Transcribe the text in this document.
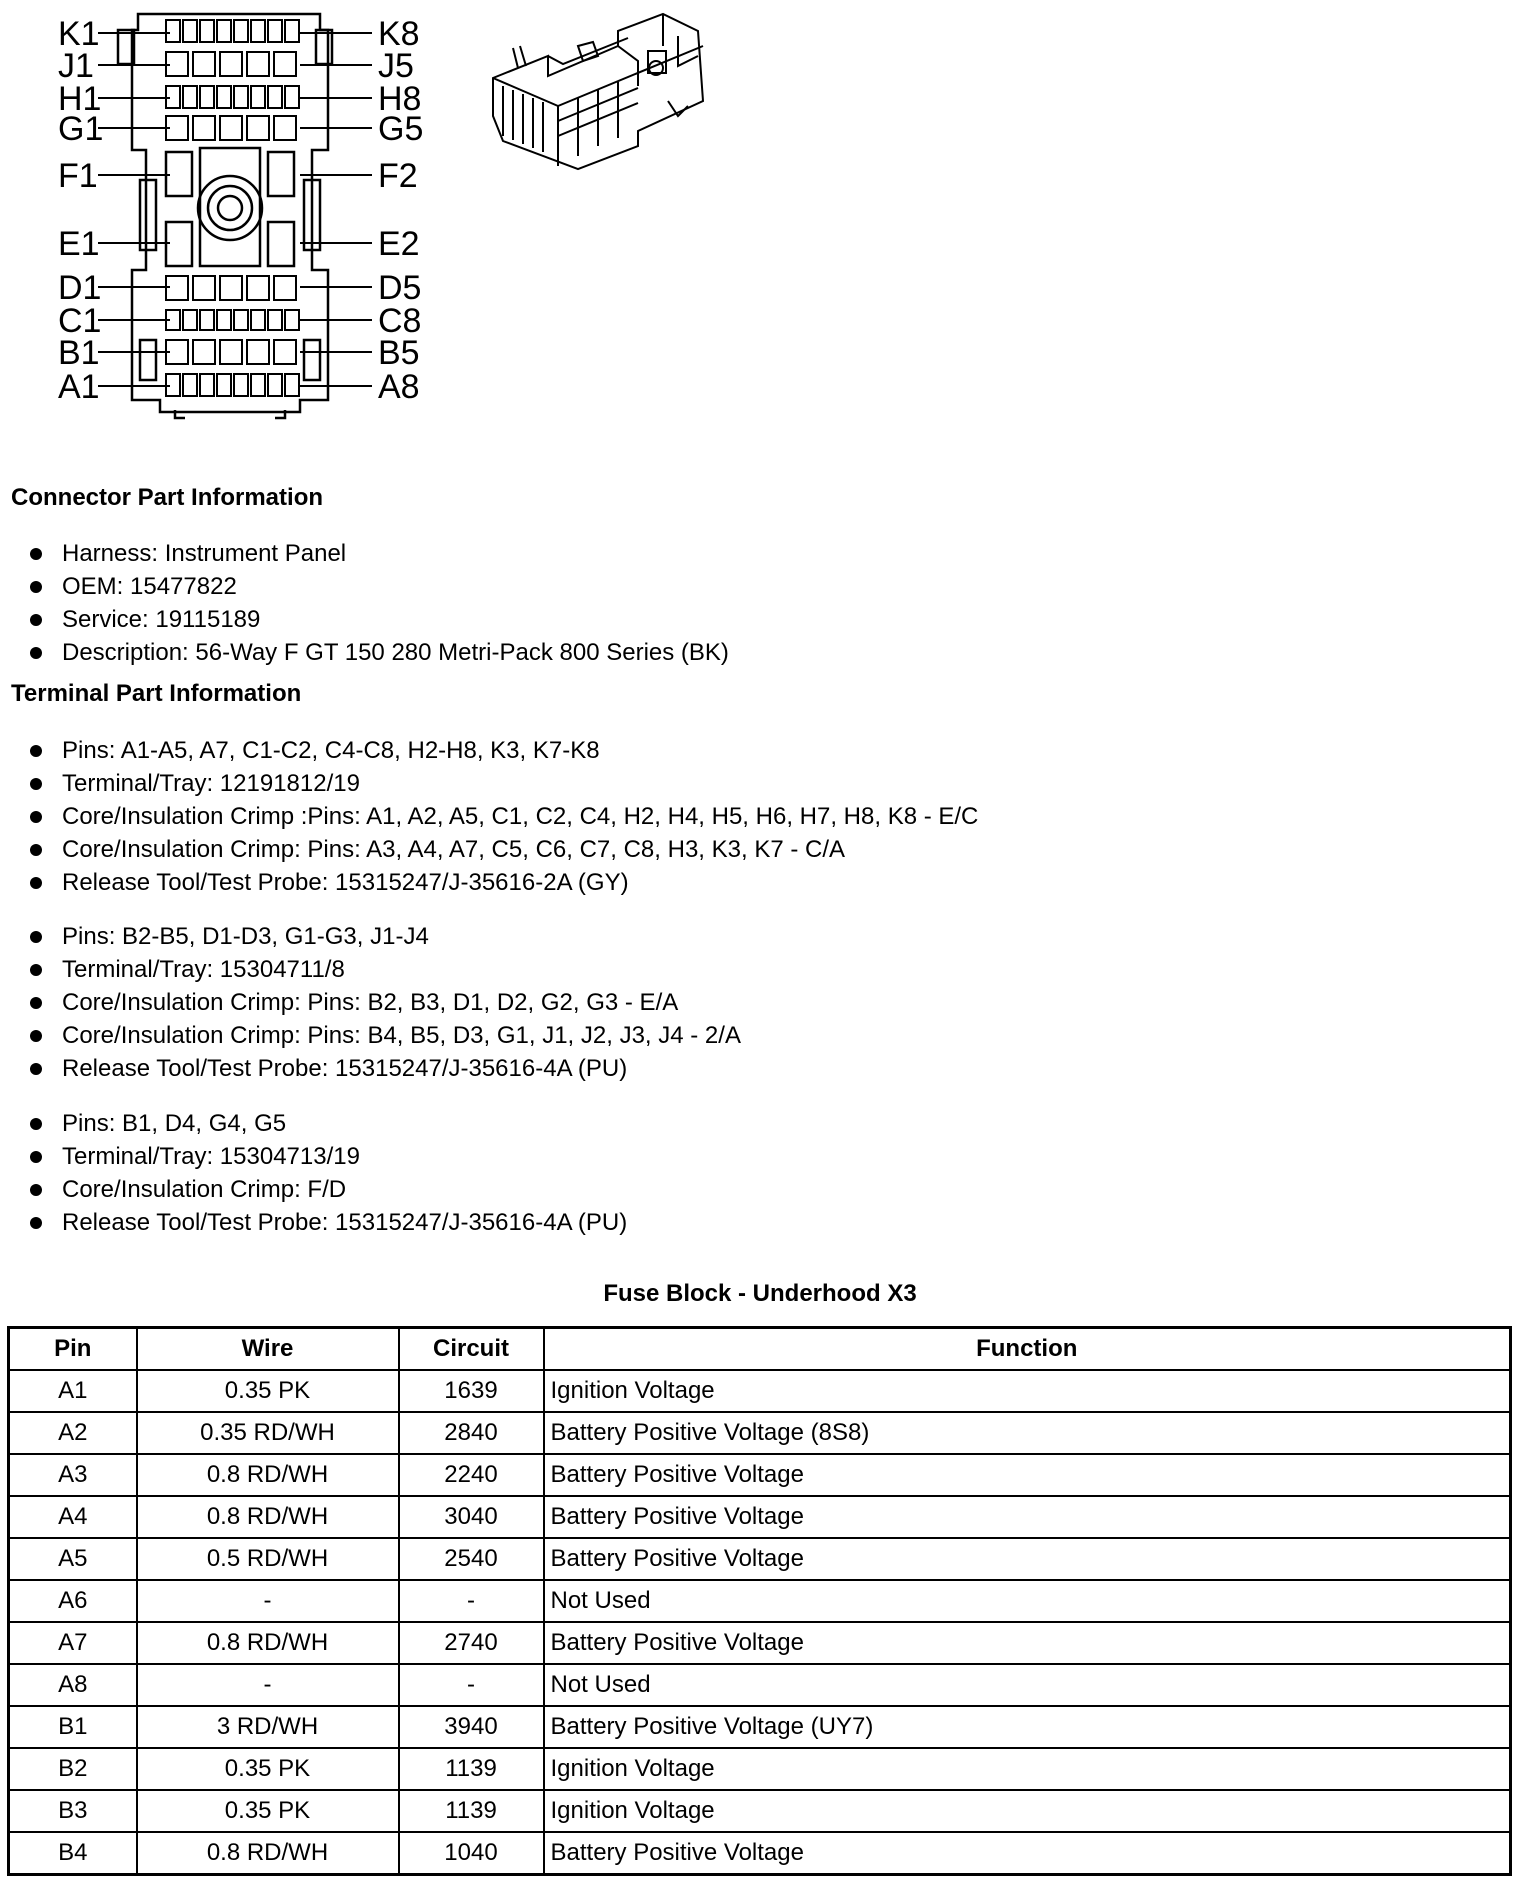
K1
J1
H1
G1
F1
E1
D1
C1
B1
A1
K8
J5
H8
G5
F2
E2
D5
C8
B5
A8
Connector Part Information
Harness: Instrument Panel
OEM: 15477822
Service: 19115189
Description: 56-Way F GT 150 280 Metri-Pack 800 Series (BK)
Terminal Part Information
Pins: A1-A5, A7, C1-C2, C4-C8, H2-H8, K3, K7-K8
Terminal/Tray: 12191812/19
Core/Insulation Crimp :Pins: A1, A2, A5, C1, C2, C4, H2, H4, H5, H6, H7, H8, K8 - E/C
Core/Insulation Crimp: Pins: A3, A4, A7, C5, C6, C7, C8, H3, K3, K7 - C/A
Release Tool/Test Probe: 15315247/J-35616-2A (GY)
Pins: B2-B5, D1-D3, G1-G3, J1-J4
Terminal/Tray: 15304711/8
Core/Insulation Crimp: Pins: B2, B3, D1, D2, G2, G3 - E/A
Core/Insulation Crimp: Pins: B4, B5, D3, G1, J1, J2, J3, J4 - 2/A
Release Tool/Test Probe: 15315247/J-35616-4A (PU)
Pins: B1, D4, G4, G5
Terminal/Tray: 15304713/19
Core/Insulation Crimp: F/D
Release Tool/Test Probe: 15315247/J-35616-4A (PU)
Fuse Block - Underhood X3
Pin	Wire	Circuit	Function
A1	0.35 PK	1639	Ignition Voltage
A2	0.35 RD/WH	2840	Battery Positive Voltage (8S8)
A3	0.8 RD/WH	2240	Battery Positive Voltage
A4	0.8 RD/WH	3040	Battery Positive Voltage
A5	0.5 RD/WH	2540	Battery Positive Voltage
A6	-	-	Not Used
A7	0.8 RD/WH	2740	Battery Positive Voltage
A8	-	-	Not Used
B1	3 RD/WH	3940	Battery Positive Voltage (UY7)
B2	0.35 PK	1139	Ignition Voltage
B3	0.35 PK	1139	Ignition Voltage
B4	0.8 RD/WH	1040	Battery Positive Voltage
